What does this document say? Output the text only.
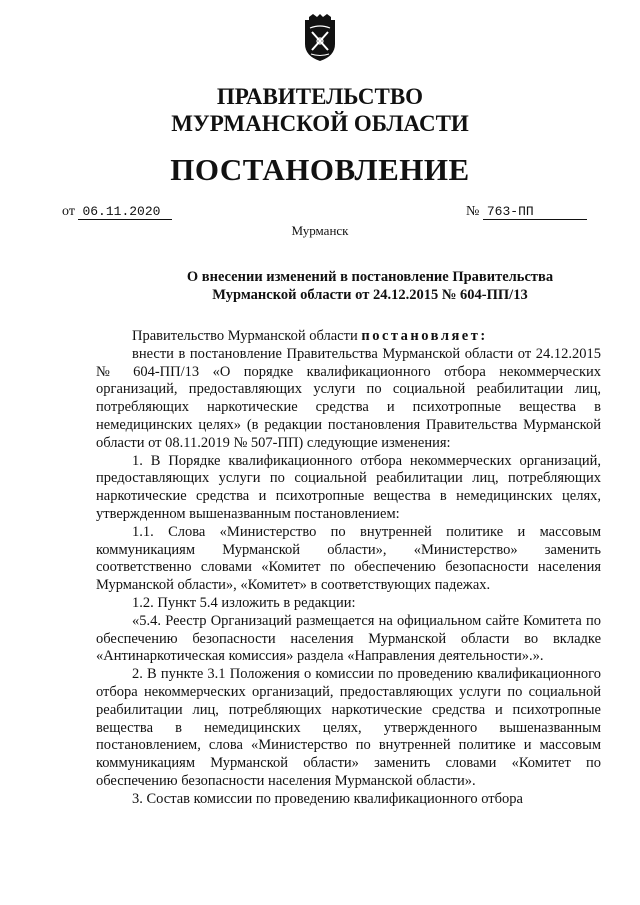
ПРАВИТЕЛЬСТВО
МУРМАНСКОЙ ОБЛАСТИ
ПОСТАНОВЛЕНИЕ
от 06.11.2020	№ 763-ПП
Мурманск
О внесении изменений в постановление Правительства
Мурманской области от 24.12.2015 № 604-ПП/13

Правительство Мурманской области постановляет:

внести в постановление Правительства Мурманской области от 24.12.2015 № 604-ПП/13 «О порядке квалификационного отбора некоммерческих организаций, предоставляющих услуги по социальной реабилитации лиц, потребляющих наркотические средства и психотропные вещества в немедицинских целях» (в редакции постановления Правительства Мурманской области от 08.11.2019 № 507-ПП) следующие изменения:

1. В Порядке квалификационного отбора некоммерческих организаций, предоставляющих услуги по социальной реабилитации лиц, потребляющих наркотические средства и психотропные вещества в немедицинских целях, утвержденном вышеназванным постановлением:

1.1. Слова «Министерство по внутренней политике и массовым коммуникациям Мурманской области», «Министерство» заменить соответственно словами «Комитет по обеспечению безопасности населения Мурманской области», «Комитет» в соответствующих падежах.

1.2. Пункт 5.4 изложить в редакции:

«5.4. Реестр Организаций размещается на официальном сайте Комитета по обеспечению безопасности населения Мурманской области во вкладке «Антинаркотическая комиссия» раздела «Направления деятельности».».

2. В пункте 3.1 Положения о комиссии по проведению квалификационного отбора некоммерческих организаций, предоставляющих услуги по социальной реабилитации лиц, потребляющих наркотические средства и психотропные вещества в немедицинских целях, утвержденного вышеназванным постановлением, слова «Министерство по внутренней политике и массовым коммуникациям Мурманской области» заменить словами «Комитет по обеспечению безопасности населения Мурманской области».

3. Состав комиссии по проведению квалификационного отбора
